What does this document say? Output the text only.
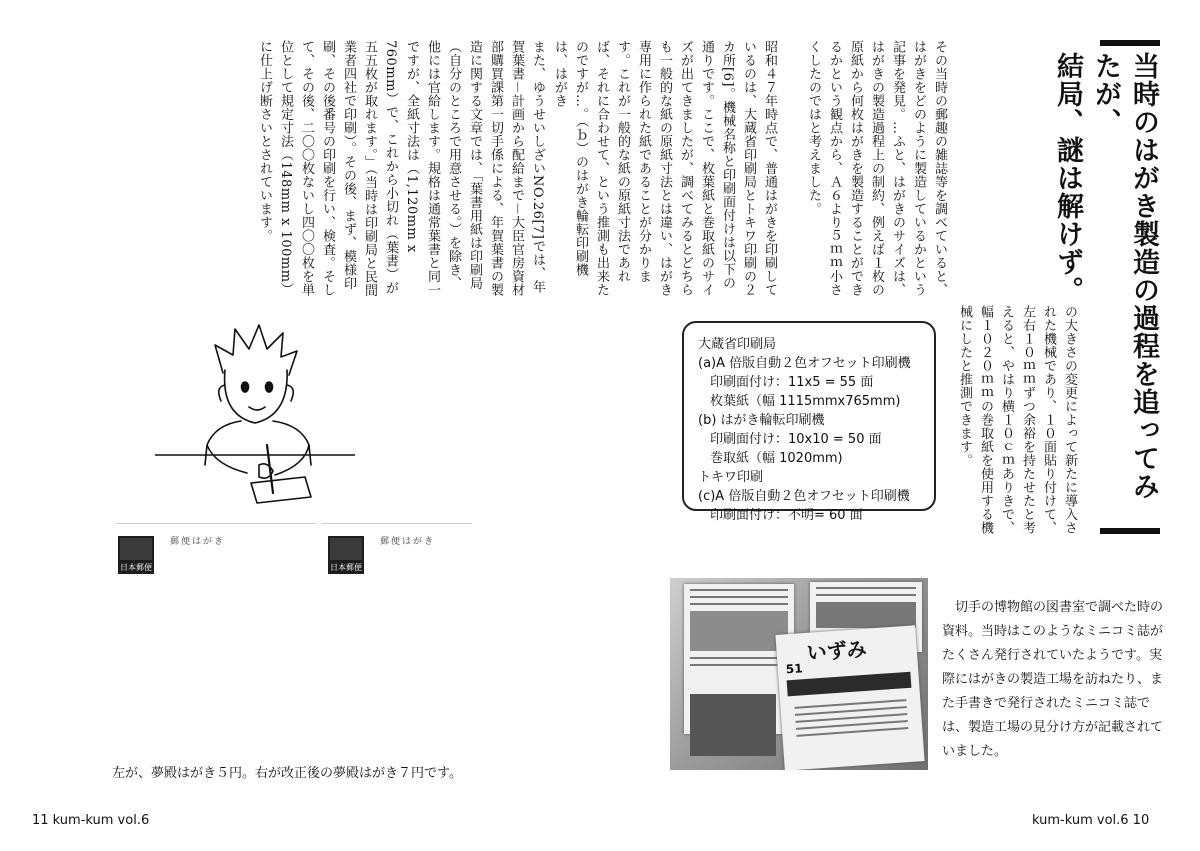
また、ゆうせいしざいNO.26[7]では、年賀葉書－計画から配給まで－大臣官房資材部購買課第一切手係による、年賀葉書の製造に関する文章では、「葉書用紙は印刷局（自分のところで用意させる。）を除き、他には官給します。規格は通常葉書と同一ですが、全紙寸法は（1,120mm x 760mm）で、これから小切れ（葉書）が五五枚が取れます。」（当時は印刷局と民間業者四社で印刷）。その後、まず、模様印刷、その後番号の印刷を行い、検査。そして、その後、二〇〇枚ないし四〇〇枚を単位として規定寸法（148mm x 100mm）に仕上げ断さいとされています。
日本郵便 5
郵便はがき
日本郵便 7
郵便はがき
左が、夢殿はがき５円。右が改正後の夢殿はがき７円です。
11 kum-kum vol.6
当時のはがき製造の過程を追ってみたが、
結局、謎は解けず。
その当時の郵趣の雑誌等を調べていると、はがきをどのように製造しているかという記事を発見。…ふと、はがきのサイズは、はがきの製造過程上の制約、例えば１枚の原紙から何枚はがきを製造することができるかという観点から、Ａ６より５ｍｍ小さくしたのではと考えました。
昭和４７年時点で、普通はがきを印刷しているのは、大蔵省印刷局とトキワ印刷の２カ所[6]。機械名称と印刷面付けは以下の通りです。ここで、枚葉紙と巻取紙のサイズが出てきましたが、調べてみるとどちらも一般的な紙の原紙寸法とは違い、はがき専用に作られた紙であることが分かります。これが一般的な紙の原紙寸法であれば、それに合わせて、という推測も出来たのですが…。（ｂ）のはがき輪転印刷機は、はがき
の大きさの変更によって新たに導入された機械であり、１０面貼り付けて、左右１０ｍｍずつ余裕を持たせたと考えると、やはり横１０ｃｍありきで、幅１０２０ｍｍの巻取紙を使用する機械にしたと推測できます。
大蔵省印刷局
(a)A 倍版自動２色オフセット印刷機
印刷面付け：11x5 = 55 面
枚葉紙（幅 1115mmx765mm)
(b) はがき輪転印刷機
印刷面付け：10x10 = 50 面
巻取紙（幅 1020mm)
トキワ印刷
(c)A 倍版自動２色オフセット印刷機
印刷面付け：不明= 60 面
51
いずみ
切手の博物館の図書室で調べた時の資料。当時はこのようなミニコミ誌がたくさん発行されていたようです。実際にはがきの製造工場を訪ねたり、また手書きで発行されたミニコミ誌では、製造工場の見分け方が記載されていました。
kum-kum vol.6 10
